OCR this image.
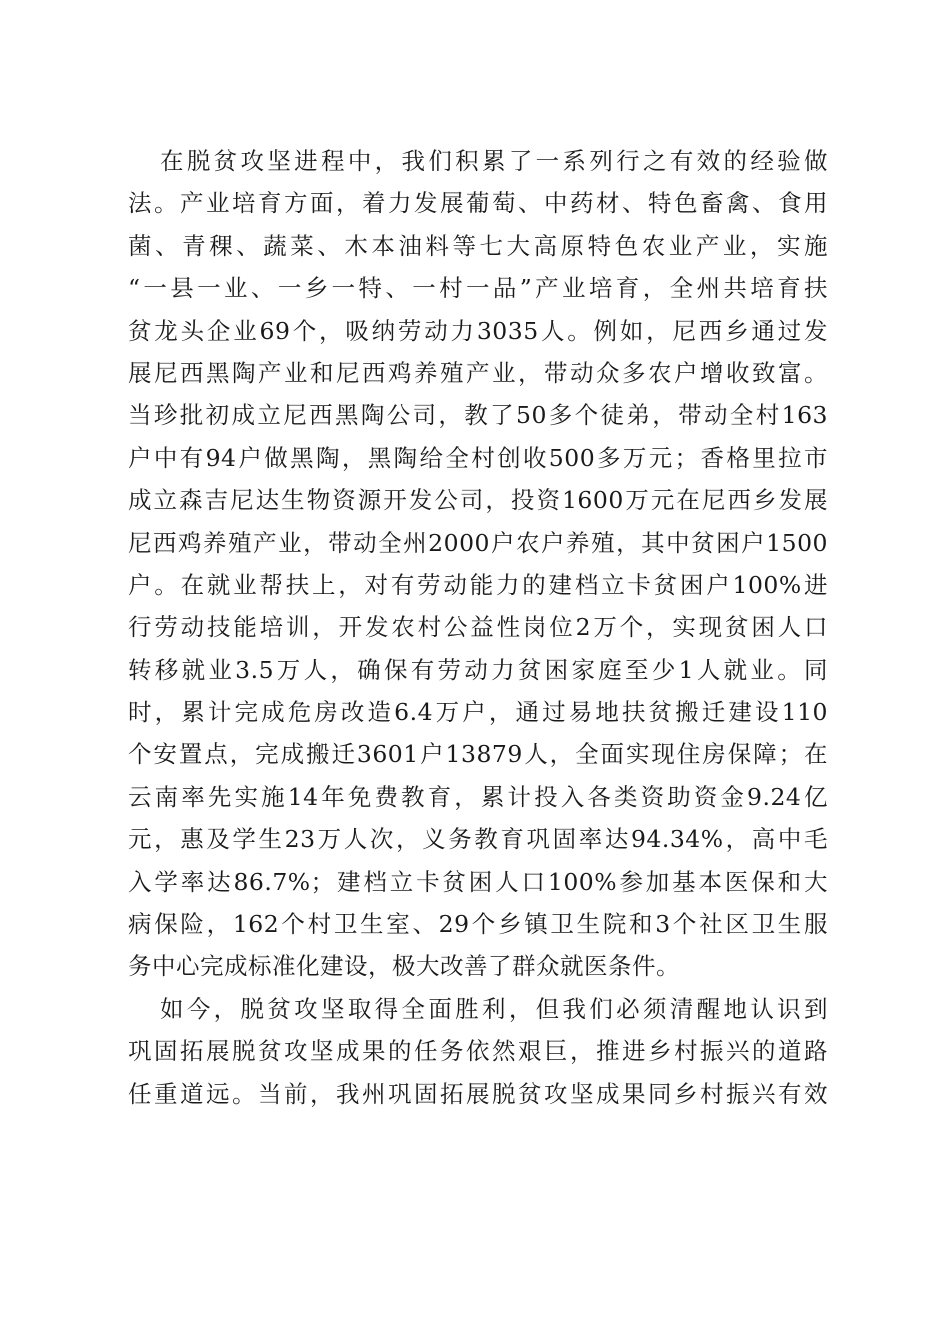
在脱贫攻坚进程中，我们积累了一系列行之有效的经验做
法。产业培育方面，着力发展葡萄、中药材、特色畜禽、食用
菌、青稞、蔬菜、木本油料等七大高原特色农业产业，实施
“一县一业、一乡一特、一村一品”产业培育，全州共培育扶
贫龙头企业69个，吸纳劳动力3035人。例如，尼西乡通过发
展尼西黑陶产业和尼西鸡养殖产业，带动众多农户增收致富。
当珍批初成立尼西黑陶公司，教了50多个徒弟，带动全村163
户中有94户做黑陶，黑陶给全村创收500多万元；香格里拉市
成立森吉尼达生物资源开发公司，投资1600万元在尼西乡发展
尼西鸡养殖产业，带动全州2000户农户养殖，其中贫困户1500
户。在就业帮扶上，对有劳动能力的建档立卡贫困户100%进
行劳动技能培训，开发农村公益性岗位2万个，实现贫困人口
转移就业3.5万人，确保有劳动力贫困家庭至少1人就业。同
时，累计完成危房改造6.4万户，通过易地扶贫搬迁建设110
个安置点，完成搬迁3601户13879人，全面实现住房保障；在
云南率先实施14年免费教育，累计投入各类资助资金9.24亿
元，惠及学生23万人次，义务教育巩固率达94.34%，高中毛
入学率达86.7%；建档立卡贫困人口100%参加基本医保和大
病保险，162个村卫生室、29个乡镇卫生院和3个社区卫生服
务中心完成标准化建设，极大改善了群众就医条件。
如今，脱贫攻坚取得全面胜利，但我们必须清醒地认识到
巩固拓展脱贫攻坚成果的任务依然艰巨，推进乡村振兴的道路
任重道远。当前，我州巩固拓展脱贫攻坚成果同乡村振兴有效
